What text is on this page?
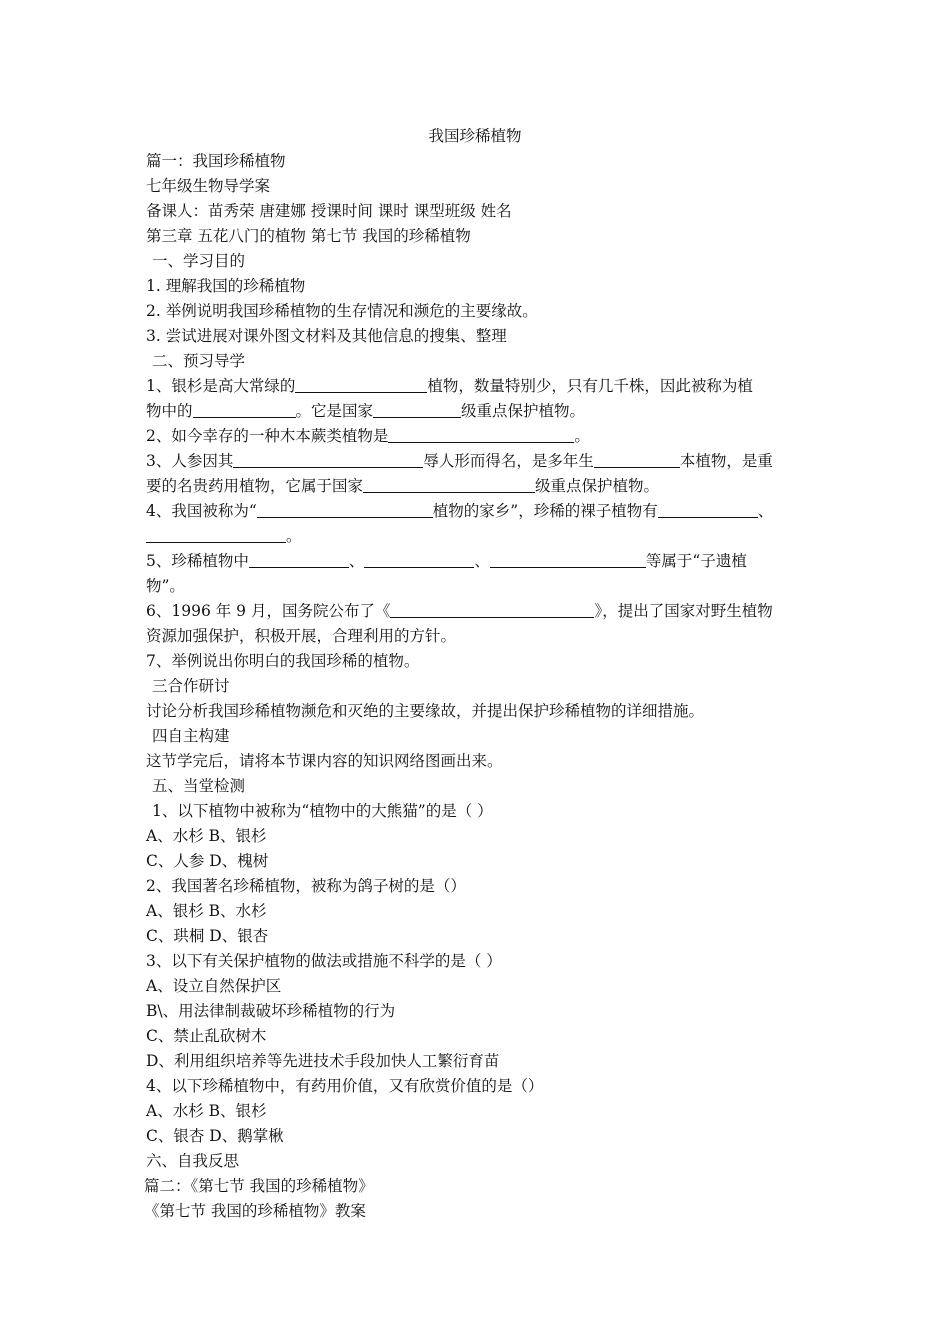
我国珍稀植物
篇一：我国珍稀植物
七年级生物导学案
备课人：苗秀荣 唐建娜 授课时间 课时 课型班级 姓名
第三章 五花八门的植物 第七节 我国的珍稀植物
一、学习目的
1. 理解我国的珍稀植物
2. 举例说明我国珍稀植物的生存情况和濒危的主要缘故。
3. 尝试进展对课外图文材料及其他信息的搜集、整理
二、预习导学
1、银杉是高大常绿的	植物，数量特别少，只有几千株，因此被称为植
物中的	。它是国家	级重点保护植物。
2、如今幸存的一种木本蕨类植物是	。
3、人参因其	辱人形而得名，是多年生	本植物，是重
要的名贵药用植物，它属于国家	级重点保护植物。
4、我国被称为“	植物的家乡”，珍稀的裸子植物有	、
。
5、珍稀植物中	、	、	等属于“子遗植
物”。
6、1996 年 9 月，国务院公布了《	》，提出了国家对野生植物
资源加强保护，积极开展，合理利用的方针。
7、举例说出你明白的我国珍稀的植物。
三合作研讨
讨论分析我国珍稀植物濒危和灭绝的主要缘故，并提出保护珍稀植物的详细措施。
四自主构建
这节学完后，请将本节课内容的知识网络图画出来。
五、当堂检测
1、以下植物中被称为“植物中的大熊猫”的是（ ）
A、水杉 B、银杉
C、人参 D、槐树
2、我国著名珍稀植物，被称为鸽子树的是（）
A、银杉 B、水杉
C、珙桐 D、银杏
3、以下有关保护植物的做法或措施不科学的是（ ）
A、设立自然保护区
B\、用法律制裁破坏珍稀植物的行为
C、禁止乱砍树木
D、利用组织培养等先进技术手段加快人工繁衍育苗
4、以下珍稀植物中，有药用价值，又有欣赏价值的是（）
A、水杉 B、银杉
C、银杏 D、鹅掌楸
六、自我反思
篇二：《第七节 我国的珍稀植物》
《第七节 我国的珍稀植物》教案
